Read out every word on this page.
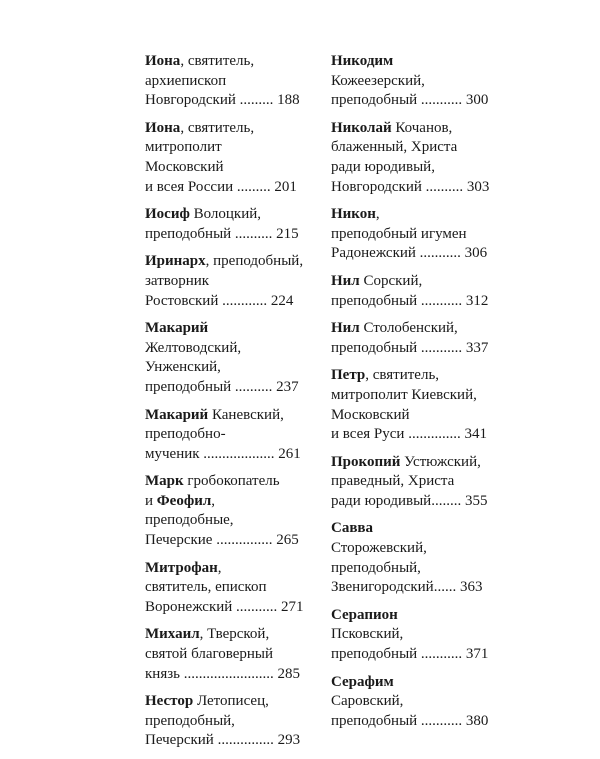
Иона, святитель,
архиепископ
Новгородский ......... 188
Иона, святитель,
митрополит
Московский
и всея России ......... 201
Иосиф Волоцкий,
преподобный .......... 215
Иринарх, преподобный,
затворник
Ростовский ............ 224
Макарий
Желтоводский,
Унженский,
преподобный .......... 237
Макарий Каневский,
преподобно-
мученик ................... 261
Марк гробокопатель
и Феофил,
преподобные,
Печерские ............... 265
Митрофан,
святитель, епископ
Воронежский ........... 271
Михаил, Тверской,
святой благоверный
князь ........................ 285
Нестор Летописец,
преподобный,
Печерский ............... 293
Никодим
Кожеезерский,
преподобный ........... 300
Николай Кочанов,
блаженный, Христа
ради юродивый,
Новгородский .......... 303
Никон,
преподобный игумен
Радонежский ........... 306
Нил Сорский,
преподобный ........... 312
Нил Столобенский,
преподобный ........... 337
Петр, святитель,
митрополит Киевский,
Московский
и всея Руси .............. 341
Прокопий Устюжский,
праведный, Христа
ради юродивый........ 355
Савва
Сторожевский,
преподобный,
Звенигородский...... 363
Серапион
Псковский,
преподобный ........... 371
Серафим
Саровский,
преподобный ........... 380
